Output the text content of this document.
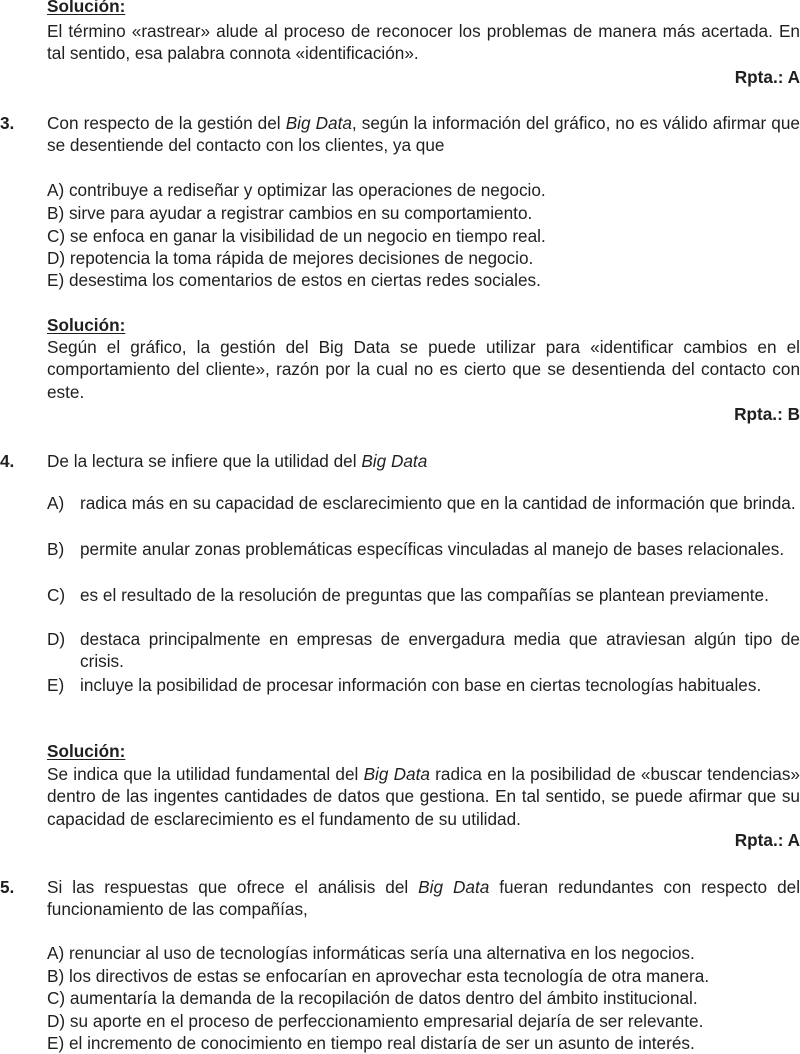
Solución:
El término «rastrear» alude al proceso de reconocer los problemas de manera más acertada. En tal sentido, esa palabra connota «identificación».
Rpta.: A
3. Con respecto de la gestión del Big Data, según la información del gráfico, no es válido afirmar que se desentiende del contacto con los clientes, ya que
A) contribuye a rediseñar y optimizar las operaciones de negocio.
B) sirve para ayudar a registrar cambios en su comportamiento.
C) se enfoca en ganar la visibilidad de un negocio en tiempo real.
D) repotencia la toma rápida de mejores decisiones de negocio.
E) desestima los comentarios de estos en ciertas redes sociales.
Solución:
Según el gráfico, la gestión del Big Data se puede utilizar para «identificar cambios en el comportamiento del cliente», razón por la cual no es cierto que se desentienda del contacto con este.
Rpta.: B
4. De la lectura se infiere que la utilidad del Big Data
A) radica más en su capacidad de esclarecimiento que en la cantidad de información que brinda.
B) permite anular zonas problemáticas específicas vinculadas al manejo de bases relacionales.
C) es el resultado de la resolución de preguntas que las compañías se plantean previamente.
D) destaca principalmente en empresas de envergadura media que atraviesan algún tipo de crisis.
E) incluye la posibilidad de procesar información con base en ciertas tecnologías habituales.
Solución:
Se indica que la utilidad fundamental del Big Data radica en la posibilidad de «buscar tendencias» dentro de las ingentes cantidades de datos que gestiona. En tal sentido, se puede afirmar que su capacidad de esclarecimiento es el fundamento de su utilidad.
Rpta.: A
5. Si las respuestas que ofrece el análisis del Big Data fueran redundantes con respecto del funcionamiento de las compañías,
A) renunciar al uso de tecnologías informáticas sería una alternativa en los negocios.
B) los directivos de estas se enfocarían en aprovechar esta tecnología de otra manera.
C) aumentaría la demanda de la recopilación de datos dentro del ámbito institucional.
D) su aporte en el proceso de perfeccionamiento empresarial dejaría de ser relevante.
E) el incremento de conocimiento en tiempo real distaría de ser un asunto de interés.
